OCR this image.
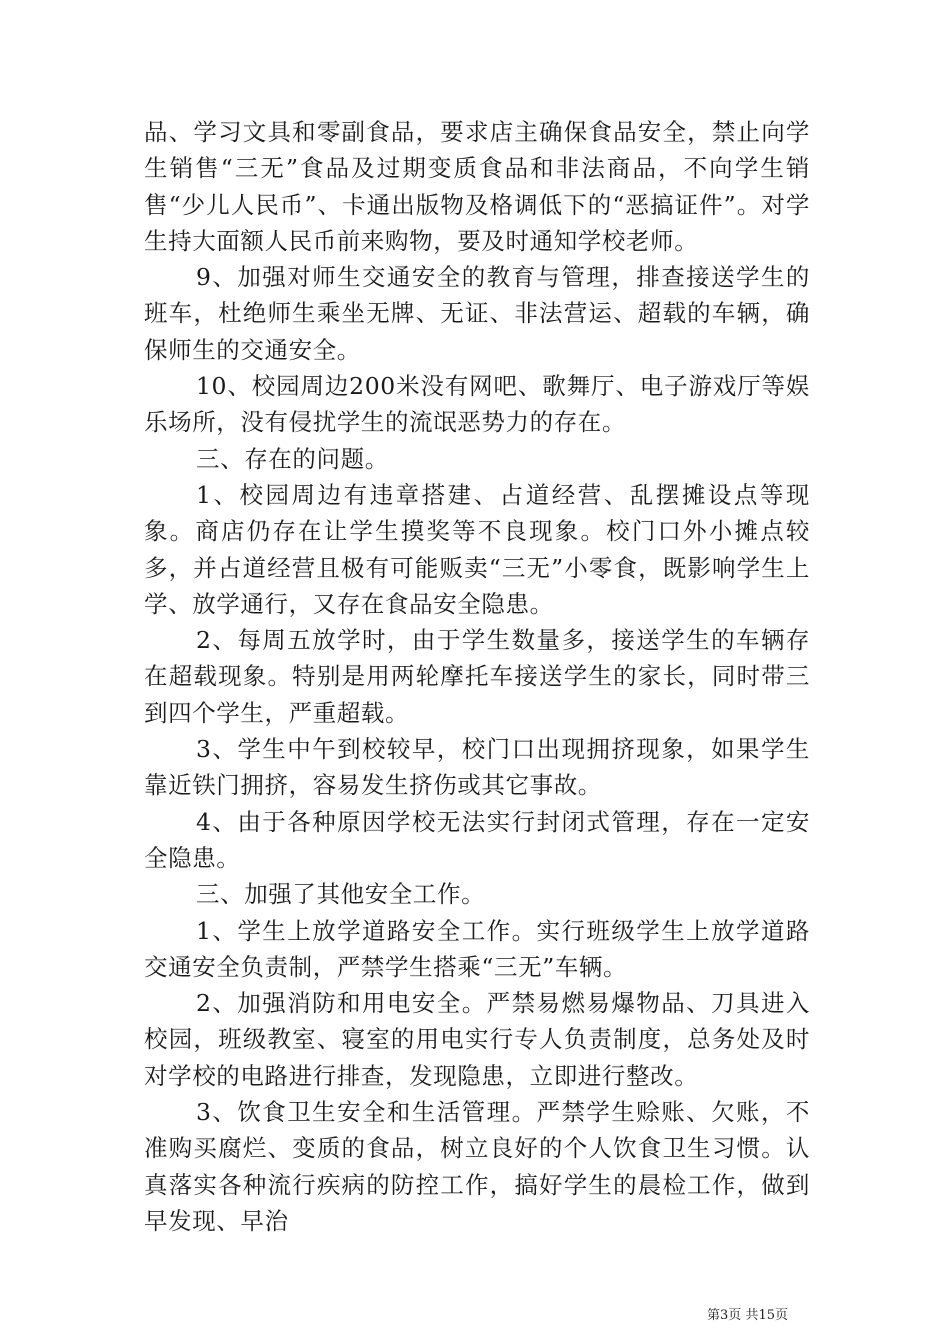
品、学习文具和零副食品，要求店主确保食品安全，禁止向学生销售“三无”食品及过期变质食品和非法商品，不向学生销售“少儿人民币”、卡通出版物及格调低下的“恶搞证件”。对学生持大面额人民币前来购物，要及时通知学校老师。

9、加强对师生交通安全的教育与管理，排查接送学生的班车，杜绝师生乘坐无牌、无证、非法营运、超载的车辆，确保师生的交通安全。

10、校园周边200米没有网吧、歌舞厅、电子游戏厅等娱乐场所，没有侵扰学生的流氓恶势力的存在。

三、存在的问题。

1、校园周边有违章搭建、占道经营、乱摆摊设点等现象。商店仍存在让学生摸奖等不良现象。校门口外小摊点较多，并占道经营且极有可能贩卖“三无”小零食，既影响学生上学、放学通行，又存在食品安全隐患。

2、每周五放学时，由于学生数量多，接送学生的车辆存在超载现象。特别是用两轮摩托车接送学生的家长，同时带三到四个学生，严重超载。

3、学生中午到校较早，校门口出现拥挤现象，如果学生靠近铁门拥挤，容易发生挤伤或其它事故。

4、由于各种原因学校无法实行封闭式管理，存在一定安全隐患。

三、加强了其他安全工作。

1、学生上放学道路安全工作。实行班级学生上放学道路交通安全负责制，严禁学生搭乘“三无”车辆。

2、加强消防和用电安全。严禁易燃易爆物品、刀具进入校园，班级教室、寝室的用电实行专人负责制度，总务处及时对学校的电路进行排查，发现隐患，立即进行整改。

3、饮食卫生安全和生活管理。严禁学生赊账、欠账，不准购买腐烂、变质的食品，树立良好的个人饮食卫生习惯。认真落实各种流行疾病的防控工作，搞好学生的晨检工作，做到早发现、早治

第3页 共15页
